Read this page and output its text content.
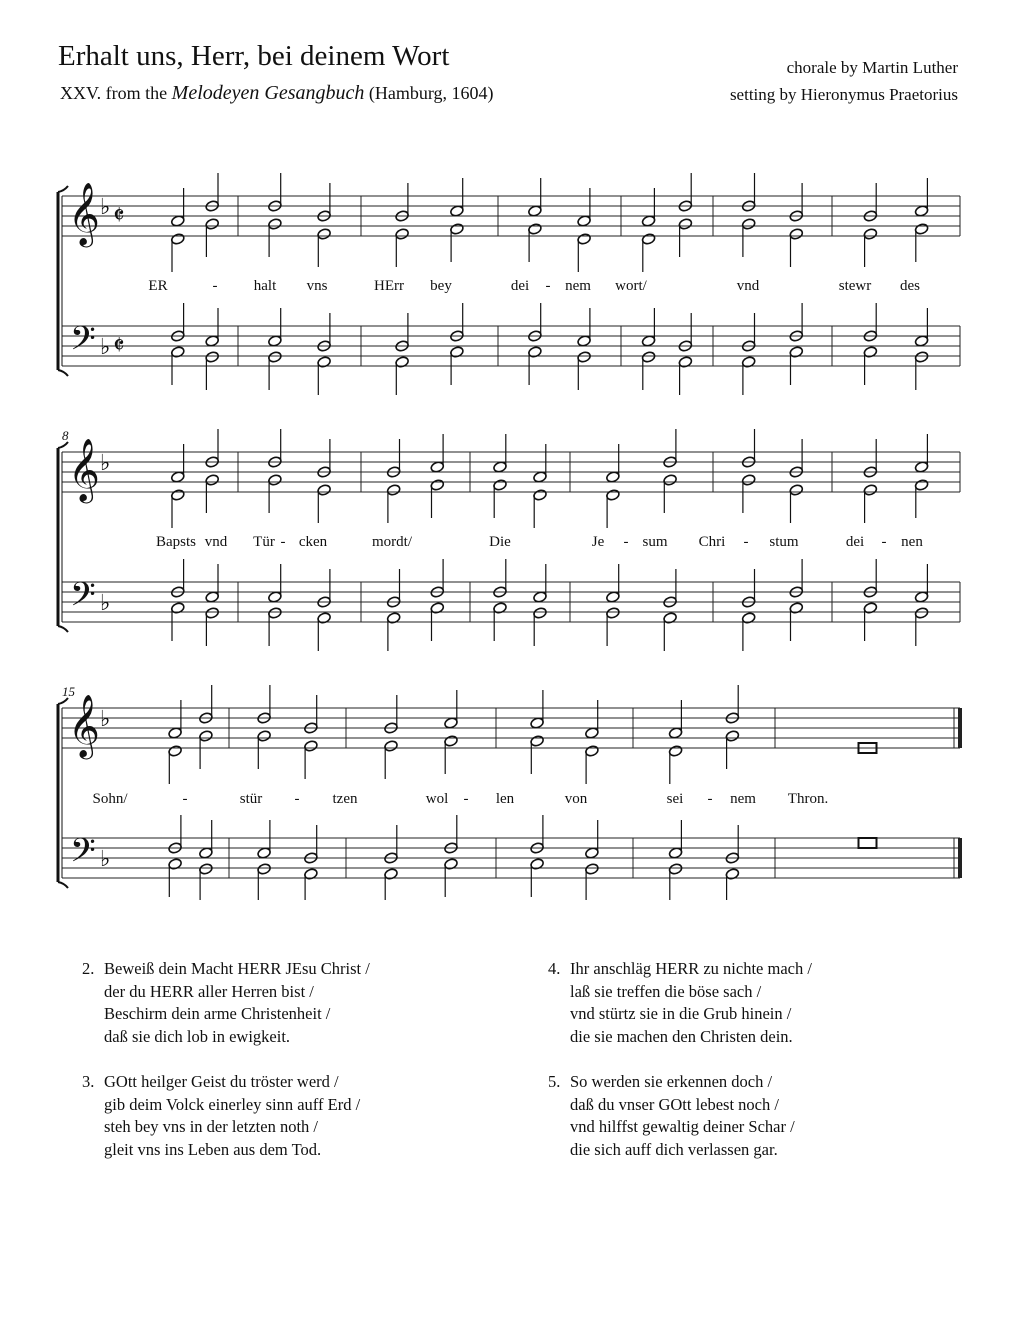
Erhalt uns, Herr, bei deinem Wort
XXV. from the Melodeyen Gesangbuch (Hamburg, 1604)
chorale by Martin Luther
setting by Hieronymus Praetorius
𝄞
𝄢
♭
♭
𝄵
𝄵
ER	- halt vns	HErr bey	dei - nem wort/	vnd	stewr des
𝄞
𝄢
♭
♭
8
Bapsts vnd Tür - cken	mordt/	Die	Je - sum Chri - stum	dei - nen
𝄞
𝄢
♭
♭
15
Sohn/	-	stür - tzen	wol - len	von	sei - nem Thron.
2. Beweiß dein Macht HERR JEsu Christ /
der du HERR aller Herren bist /
Beschirm dein arme Christenheit /
daß sie dich lob in ewigkeit.
3. GOtt heilger Geist du tröster werd /
gib deim Volck einerley sinn auff Erd /
steh bey vns in der letzten noth /
gleit vns ins Leben aus dem Tod.
4. Ihr anschläg HERR zu nichte mach /
laß sie treffen die böse sach /
vnd stürtz sie in die Grub hinein /
die sie machen den Christen dein.
5. So werden sie erkennen doch /
daß du vnser GOtt lebest noch /
vnd hilffst gewaltig deiner Schar /
die sich auff dich verlassen gar.
